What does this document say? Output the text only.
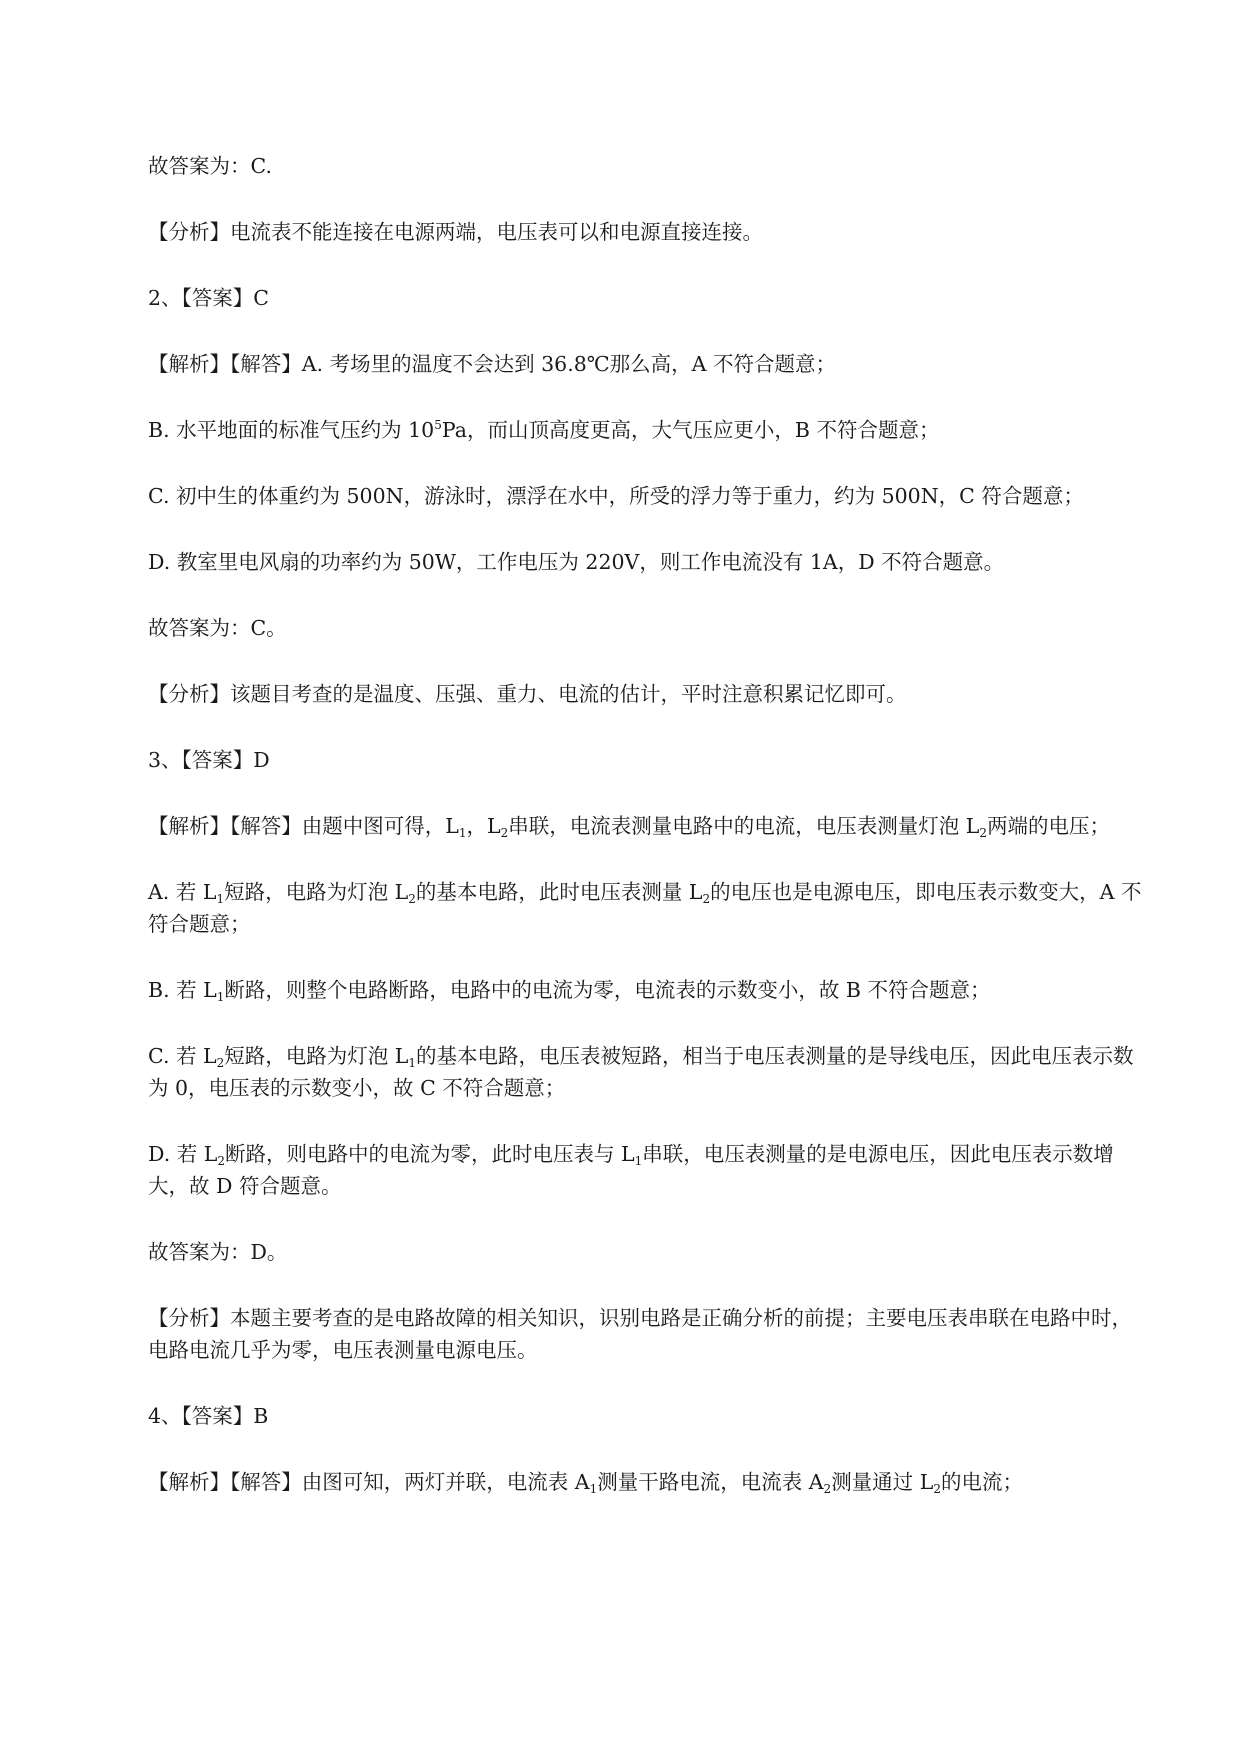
故答案为：C.

【分析】电流表不能连接在电源两端，电压表可以和电源直接连接。

2、【答案】C

【解析】【解答】A. 考场里的温度不会达到 36.8℃那么高，A 不符合题意；

B. 水平地面的标准气压约为 $10^5Pa$，而山顶高度更高，大气压应更小，B 不符合题意；

C. 初中生的体重约为 500N，游泳时，漂浮在水中，所受的浮力等于重力，约为 500N，C 符合题意；

D. 教室里电风扇的功率约为 50W，工作电压为 220V，则工作电流没有 1A，D 不符合题意。

故答案为：C。

【分析】该题目考查的是温度、压强、重力、电流的估计，平时注意积累记忆即可。

3、【答案】D

【解析】【解答】由题中图可得，$L_1$，$L_2$串联，电流表测量电路中的电流，电压表测量灯泡 $L_2$两端的电压；

A. 若 $L_1$短路，电路为灯泡 $L_2$的基本电路，此时电压表测量 $L_2$的电压也是电源电压，即电压表示数变大，A 不符合题意；

B. 若 $L_1$断路，则整个电路断路，电路中的电流为零，电流表的示数变小，故 B 不符合题意；

C. 若 $L_2$短路，电路为灯泡 $L_1$的基本电路，电压表被短路，相当于电压表测量的是导线电压，因此电压表示数为 0，电压表的示数变小，故 C 不符合题意；

D. 若 $L_2$断路，则电路中的电流为零，此时电压表与 $L_1$串联，电压表测量的是电源电压，因此电压表示数增大，故 D 符合题意。

故答案为：D。

【分析】本题主要考查的是电路故障的相关知识，识别电路是正确分析的前提；主要电压表串联在电路中时，电路电流几乎为零，电压表测量电源电压。

4、【答案】B

【解析】【解答】由图可知，两灯并联，电流表 $A_1$测量干路电流，电流表 $A_2$测量通过 $L_2$的电流；
